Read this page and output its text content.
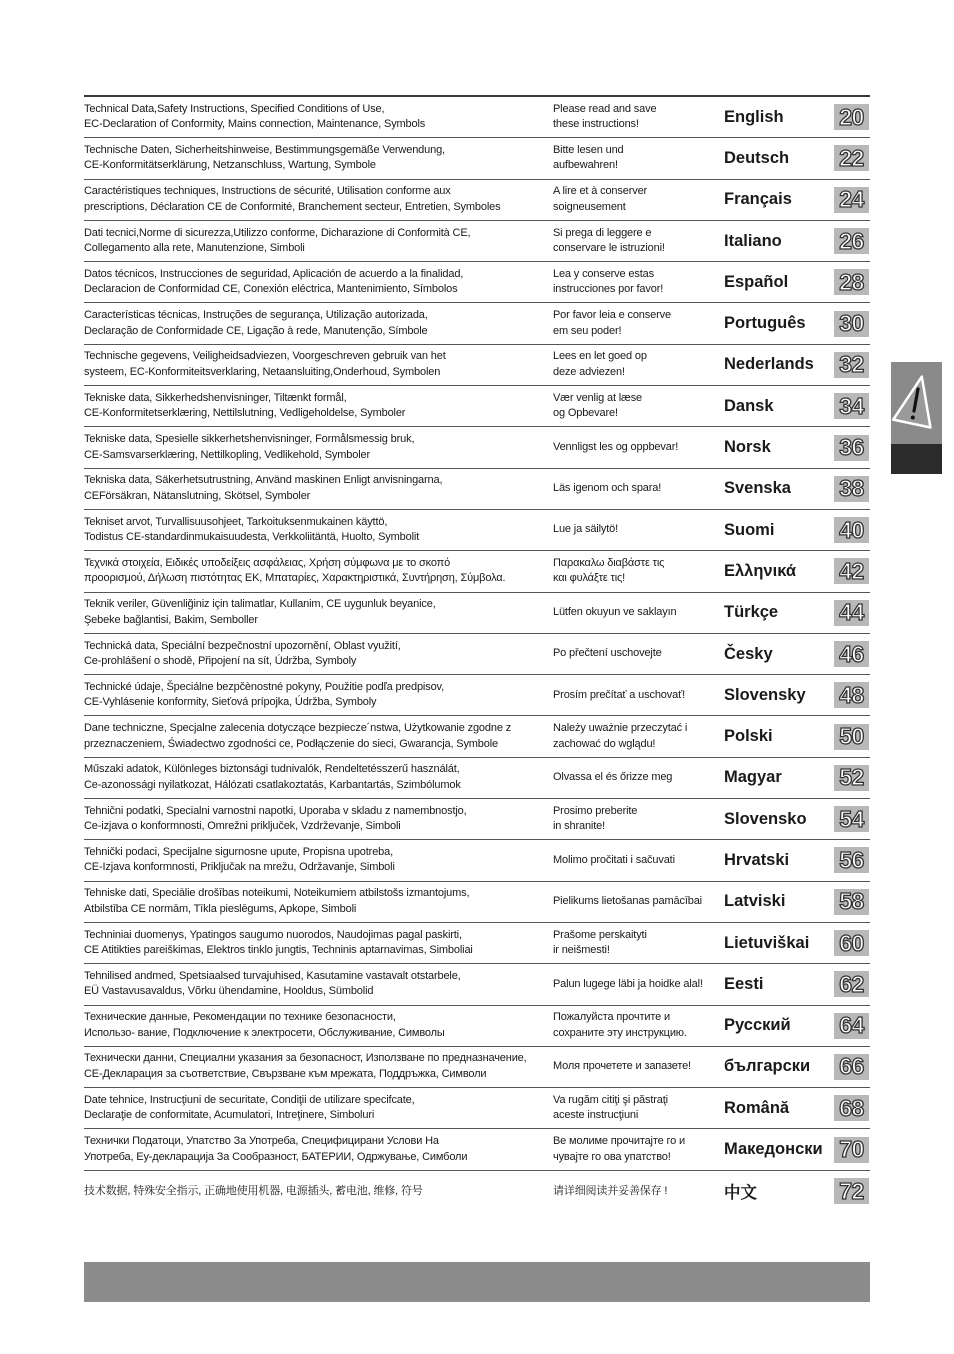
Technical Data,Safety Instructions, Specified Conditions of Use,
EC-Declaration of Conformity, Mains connection, Maintenance, Symbols
Please read and save
these instructions!	English	20
Technische Daten, Sicherheitshinweise, Bestimmungsgemäße Verwendung,
CE-Konformitätserklärung, Netzanschluss, Wartung, Symbole
Bitte lesen und
aufbewahren!	Deutsch	22
Caractéristiques techniques, Instructions de sécurité, Utilisation conforme aux
prescriptions, Déclaration CE de Conformité, Branchement secteur, Entretien, Symboles
A lire et à conserver
soigneusement	Français	24
Dati tecnici,Norme di sicurezza,Utilizzo conforme, Dicharazione di Conformità CE,
Collegamento alla rete, Manutenzione, Simboli
Si prega di leggere e
conservare le istruzioni!	Italiano	26
Datos técnicos, Instrucciones de seguridad, Aplicación de acuerdo a la finalidad,
Declaracion de Conformidad CE, Conexión eléctrica, Mantenimiento, Símbolos
Lea y conserve estas
instrucciones por favor!	Español	28
Características técnicas, Instruções de segurança, Utilização autorizada,
Declaração de Conformidade CE, Ligação à rede, Manutenção, Símbole
Por favor leia e conserve
em seu poder!	Português	30
Technische gegevens, Veiligheidsadviezen, Voorgeschreven gebruik van het
systeem, EC-Konformiteitsverklaring, Netaansluiting,Onderhoud, Symbolen
Lees en let goed op
deze adviezen!	Nederlands	32
Tekniske data, Sikkerhedshenvisninger, Tiltænkt formål,
CE-Konformitetserklæring, Nettilslutning, Vedligeholdelse, Symboler
Vær venlig at læse
og Opbevare!	Dansk	34
Tekniske data, Spesielle sikkerhetshenvisninger, Formålsmessig bruk,
CE-Samsvarserklæring, Nettilkopling, Vedlikehold, Symboler
Vennligst les og oppbevar!	Norsk	36
Tekniska data, Säkerhetsutrustning, Använd maskinen Enligt anvisningarna,
CEFörsäkran, Nätanslutning, Skötsel, Symboler
Läs igenom och spara!	Svenska	38
Tekniset arvot, Turvallisuusohjeet, Tarkoituksenmukainen käyttö,
Todistus CE-standardinmukaisuudesta, Verkkoliitäntä, Huolto, Symbolit
Lue ja säilytö!	Suomi	40
Τεχνικά στοιχεία, Ειδικές υποδείξεις ασφάλειας, Χρήση σύμφωνα με το σκοπό
προορισμού, Δήλωση πιστότητας ΕΚ, Μπαταρίες, Χαρακτηριστικά, Συντήρηση, Σύμβολα.
Παρακαλω διαβάστε τις
και φυλάξτε τις!	Ελληνικά	42
Teknik veriler, Güvenliğiniz için talimatlar, Kullanim, CE uygunluk beyanice,
Şebeke bağlantisi, Bakim, Semboller
Lütfen okuyun ve saklayın	Türkçe	44
Technická data, Speciální bezpečnostní upozornění, Oblast využití,
Ce-prohlášení o shodě, Připojení na sít, Údržba, Symboly
Po přečtení uschovejte	Česky	46
Technické údaje, Špeciálne bezpčènostné pokyny, Použitie podľa predpisov,
CE-Vyhlásenie konformity, Sieťová prípojka, Údržba, Symboly
Prosím prečítať a uschovať!	Slovensky	48
Dane techniczne, Specjalne zalecenia dotyczące bezpiecze´nstwa, Użytkowanie zgodne z
przeznaczeniem, Świadectwo zgodności ce, Podłączenie do sieci, Gwarancja, Symbole
Należy uważnie przeczytać i
zachować do wglądu!	Polski	50
Műszaki adatok, Különleges biztonsági tudnivalók, Rendeltetésszerű használát,
Ce-azonossági nyilatkozat, Hálózati csatlakoztatás, Karbantartás, Szimbólumok
Olvassa el és őrizze meg	Magyar	52
Tehnični podatki, Specialni varnostni napotki, Uporaba v skladu z namembnostjo,
Ce-izjava o konformnosti, Omrežni priključek, Vzdrževanje, Simboli
Prosimo preberite
in shranite!	Slovensko	54
Tehnički podaci, Specijalne sigurnosne upute, Propisna upotreba,
CE-Izjava konformnosti, Priključak na mrežu, Održavanje, Simboli
Molimo pročitati i sačuvati	Hrvatski	56
Tehniske dati, Speciālie drošības noteikumi, Noteikumiem atbilstošs izmantojums,
Atbilstība CE normām, Tīkla pieslēgums, Apkope, Simboli
Pielikums lietošanas pamācībai	Latviski	58
Techniniai duomenys, Ypatingos saugumo nuorodos, Naudojimas pagal paskirti,
CE Atitikties pareiškimas, Elektros tinklo jungtis, Techninis aptarnavimas, Simboliai
Prašome perskaityti
ir neišmesti!	Lietuviškai	60
Tehnilised andmed, Spetsiaalsed turvajuhised, Kasutamine vastavalt otstarbele,
EÜ Vastavusavaldus, Võrku ühendamine, Hooldus, Sümbolid
Palun lugege läbi ja hoidke alal!	Eesti	62
Технические данные, Рекомендации по технике безопасности,
Использо- вание, Подключение к электросети, Обслуживание, Символы
Пожалуйста прочтите и
сохраните эту инструкцию.	Русский	64
Технически данни, Специални указания за безопасност, Използване по предназначение,
CE-Декларация за съответствие, Свързване към мрежата, Поддръжка, Символи
Моля прочетете и запазете!	български	66
Date tehnice, Instrucţiuni de securitate, Condiţii de utilizare specifcate,
Declaraţie de conformitate, Acumulatori, Intreţinere, Simboluri
Va rugăm citiţi şi păstraţi
aceste instrucţiuni	Română	68
Технички Податоци, Упатство За Употреба, Специфицирани Услови На
Употреба, Еу-декларација За Сообразност, БАТЕРИИ, Одржување, Симболи
Ве молиме прочитајте го и
чувајте го ова упатство!	Македонски 70
技术数据, 特殊安全指示, 正确地使用机器, 电源插头, 蓄电池, 维修, 符号	请详细阅读并妥善保存 !	中文	72
